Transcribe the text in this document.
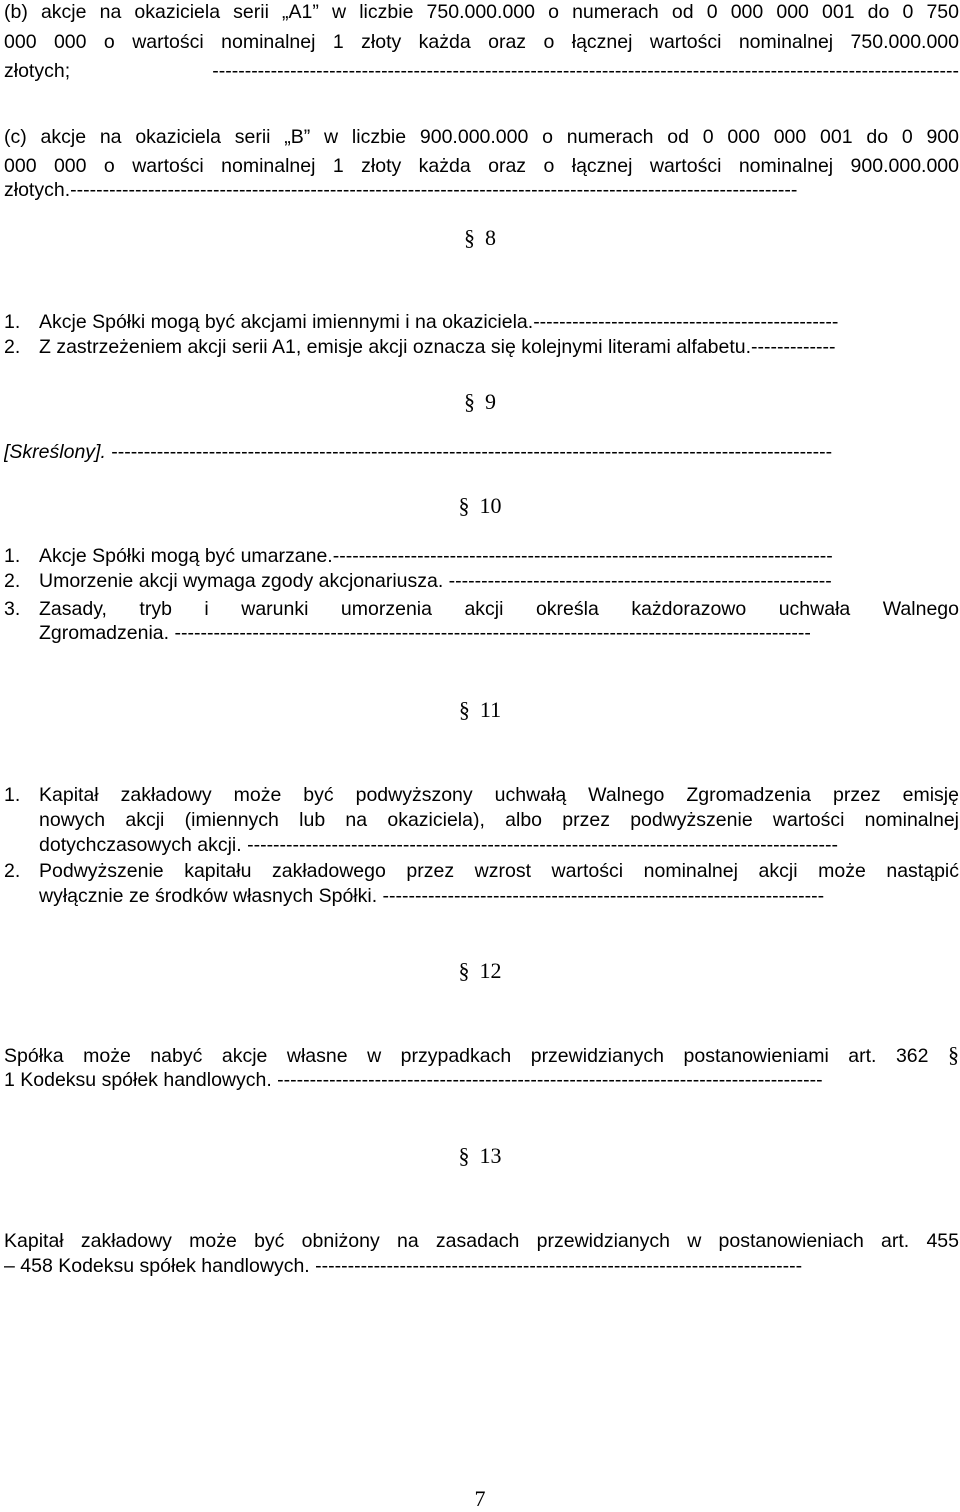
(b) akcje na okaziciela serii „A1” w liczbie 750.000.000 o numerach od 0 000 000 001 do 0 750
000 000 o wartości nominalnej 1 złoty każda oraz o łącznej wartości nominalnej 750.000.000
złotych; -------------------------------------------------------------------------------------------------------------------
(c) akcje na okaziciela serii „B” w liczbie 900.000.000 o numerach od 0 000 000 001 do 0 900
000 000 o wartości nominalnej 1 złoty każda oraz o łącznej wartości nominalnej 900.000.000
złotych.----------------------------------------------------------------------------------------------------------------
§ 8
1. Akcje Spółki mogą być akcjami imiennymi i na okaziciela.-----------------------------------------------
2. Z zastrzeżeniem akcji serii A1, emisje akcji oznacza się kolejnymi literami alfabetu.-------------
§ 9
[Skreślony]. ---------------------------------------------------------------------------------------------------------------
§ 10
1. Akcje Spółki mogą być umarzane.-----------------------------------------------------------------------------
2. Umorzenie akcji wymaga zgody akcjonariusza. -----------------------------------------------------------
3. Zasady, tryb i warunki umorzenia akcji określa każdorazowo uchwała Walnego
Zgromadzenia. --------------------------------------------------------------------------------------------------
§ 11
1. Kapitał zakładowy może być podwyższony uchwałą Walnego Zgromadzenia przez emisję
nowych akcji (imiennych lub na okaziciela), albo przez podwyższenie wartości nominalnej
dotychczasowych akcji. -------------------------------------------------------------------------------------------
2. Podwyższenie kapitału zakładowego przez wzrost wartości nominalnej akcji może nastąpić
wyłącznie ze środków własnych Spółki. --------------------------------------------------------------------
§ 12
Spółka może nabyć akcje własne w przypadkach przewidzianych postanowieniami art. 362 §
1 Kodeksu spółek handlowych. ------------------------------------------------------------------------------------
§ 13
Kapitał zakładowy może być obniżony na zasadach przewidzianych w postanowieniach art. 455
– 458 Kodeksu spółek handlowych. ---------------------------------------------------------------------------
7
